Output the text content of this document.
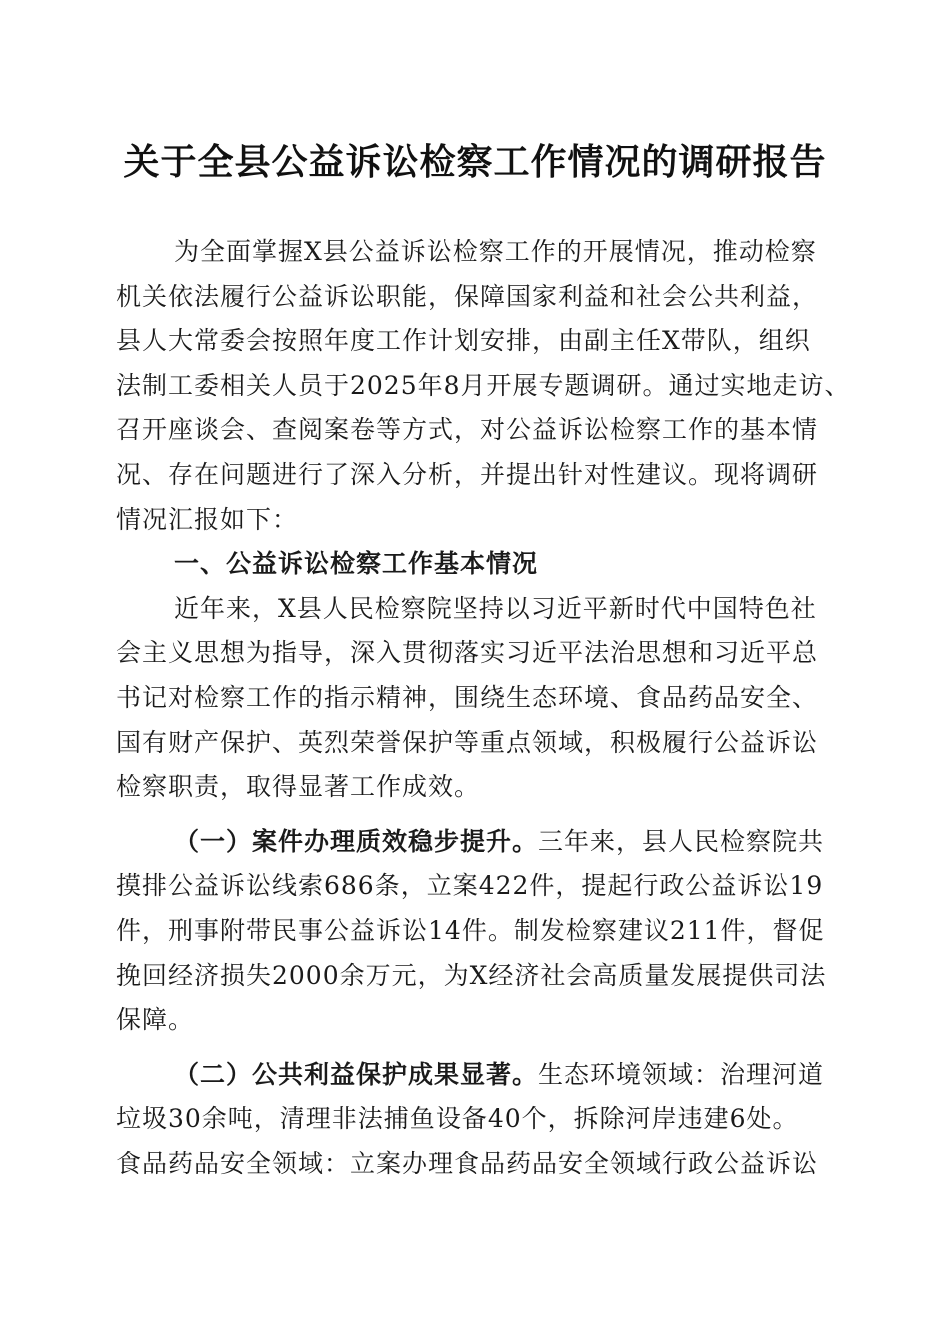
关于全县公益诉讼检察工作情况的调研报告
为全面掌握X县公益诉讼检察工作的开展情况，推动检察
机关依法履行公益诉讼职能，保障国家利益和社会公共利益，
县人大常委会按照年度工作计划安排，由副主任X带队，组织
法制工委相关人员于2025年8月开展专题调研。通过实地走访、
召开座谈会、查阅案卷等方式，对公益诉讼检察工作的基本情
况、存在问题进行了深入分析，并提出针对性建议。现将调研
情况汇报如下：
一、公益诉讼检察工作基本情况
近年来，X县人民检察院坚持以习近平新时代中国特色社
会主义思想为指导，深入贯彻落实习近平法治思想和习近平总
书记对检察工作的指示精神，围绕生态环境、食品药品安全、
国有财产保护、英烈荣誉保护等重点领域，积极履行公益诉讼
检察职责，取得显著工作成效。
（一）案件办理质效稳步提升。三年来，县人民检察院共
摸排公益诉讼线索686条，立案422件，提起行政公益诉讼19
件，刑事附带民事公益诉讼14件。制发检察建议211件，督促
挽回经济损失2000余万元，为X经济社会高质量发展提供司法
保障。
（二）公共利益保护成果显著。生态环境领域：治理河道
垃圾30余吨，清理非法捕鱼设备40个，拆除河岸违建6处。
食品药品安全领域：立案办理食品药品安全领域行政公益诉讼
